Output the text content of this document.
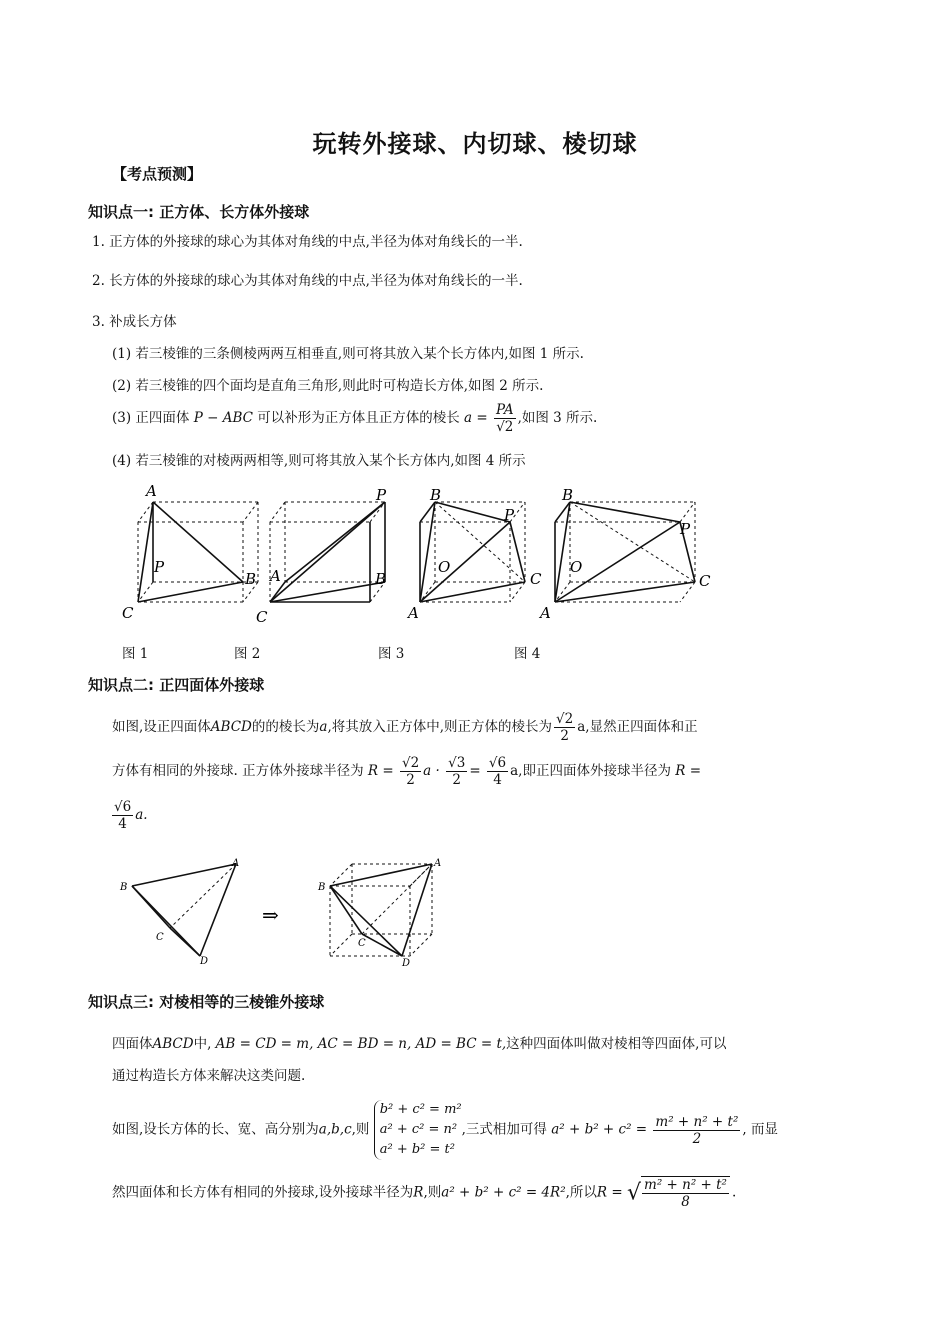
玩转外接球、内切球、棱切球
【考点预测】
知识点一: 正方体、长方体外接球
1. 正方体的外接球的球心为其体对角线的中点,半径为体对角线长的一半.
2. 长方体的外接球的球心为其体对角线的中点,半径为体对角线长的一半.
3. 补成长方体
(1) 若三棱锥的三条侧棱两两互相垂直,则可将其放入某个长方体内,如图 1 所示.
(2) 若三棱锥的四个面均是直角三角形,则此时可构造长方体,如图 2 所示.
(3) 正四面体 P − ABC 可以补形为正方体且正方体的棱长 $a = \frac{PA}{√2}$ ,如图 3 所示.
(4) 若三棱锥的对棱两两相等,则可将其放入某个长方体内,如图 4 所示
A
B
C
P
P
B
A
C
B
P
C
O
A
B
P
C
O
A
图 1	图 2	图 3	图 4
知识点二: 正四面体外接球
如图,设正四面体ABCD的的棱长为a,将其放入正方体中,则正方体的棱长为 $\frac{√2}{2} a$,显然正四面体和正
方体有相同的外接球. 正方体外接球半径为 $R = \frac{√2}{2}$ $a \cdot \frac{√3}{2} = \frac{√6}{4} a$,即正四面体外接球半径为 R =
$\frac{√6}{4} a$.
A
B
C
D
⇒
A
B
C
D
知识点三: 对棱相等的三棱锥外接球
四面体ABCD中, AB = CD = m, AC = BD = n, AD = BC = t,这种四面体叫做对棱相等四面体,可以
通过构造长方体来解决这类问题.
如图,设长方体的长、宽、高分别为a,b,c,则
b² + c² = m²
a² + c² = n²
a² + b² = t²
,三式相加可得 $a^2 + b^2 + c^2 = \frac{\text{m² + n² + t²}}{2}$ , 而显
然四面体和长方体有相同的外接球,设外接球半径为R,则a² + b² + c² = 4R²,所以R = √ $\frac{\text{m² + n² + t²}}{8}$ .
